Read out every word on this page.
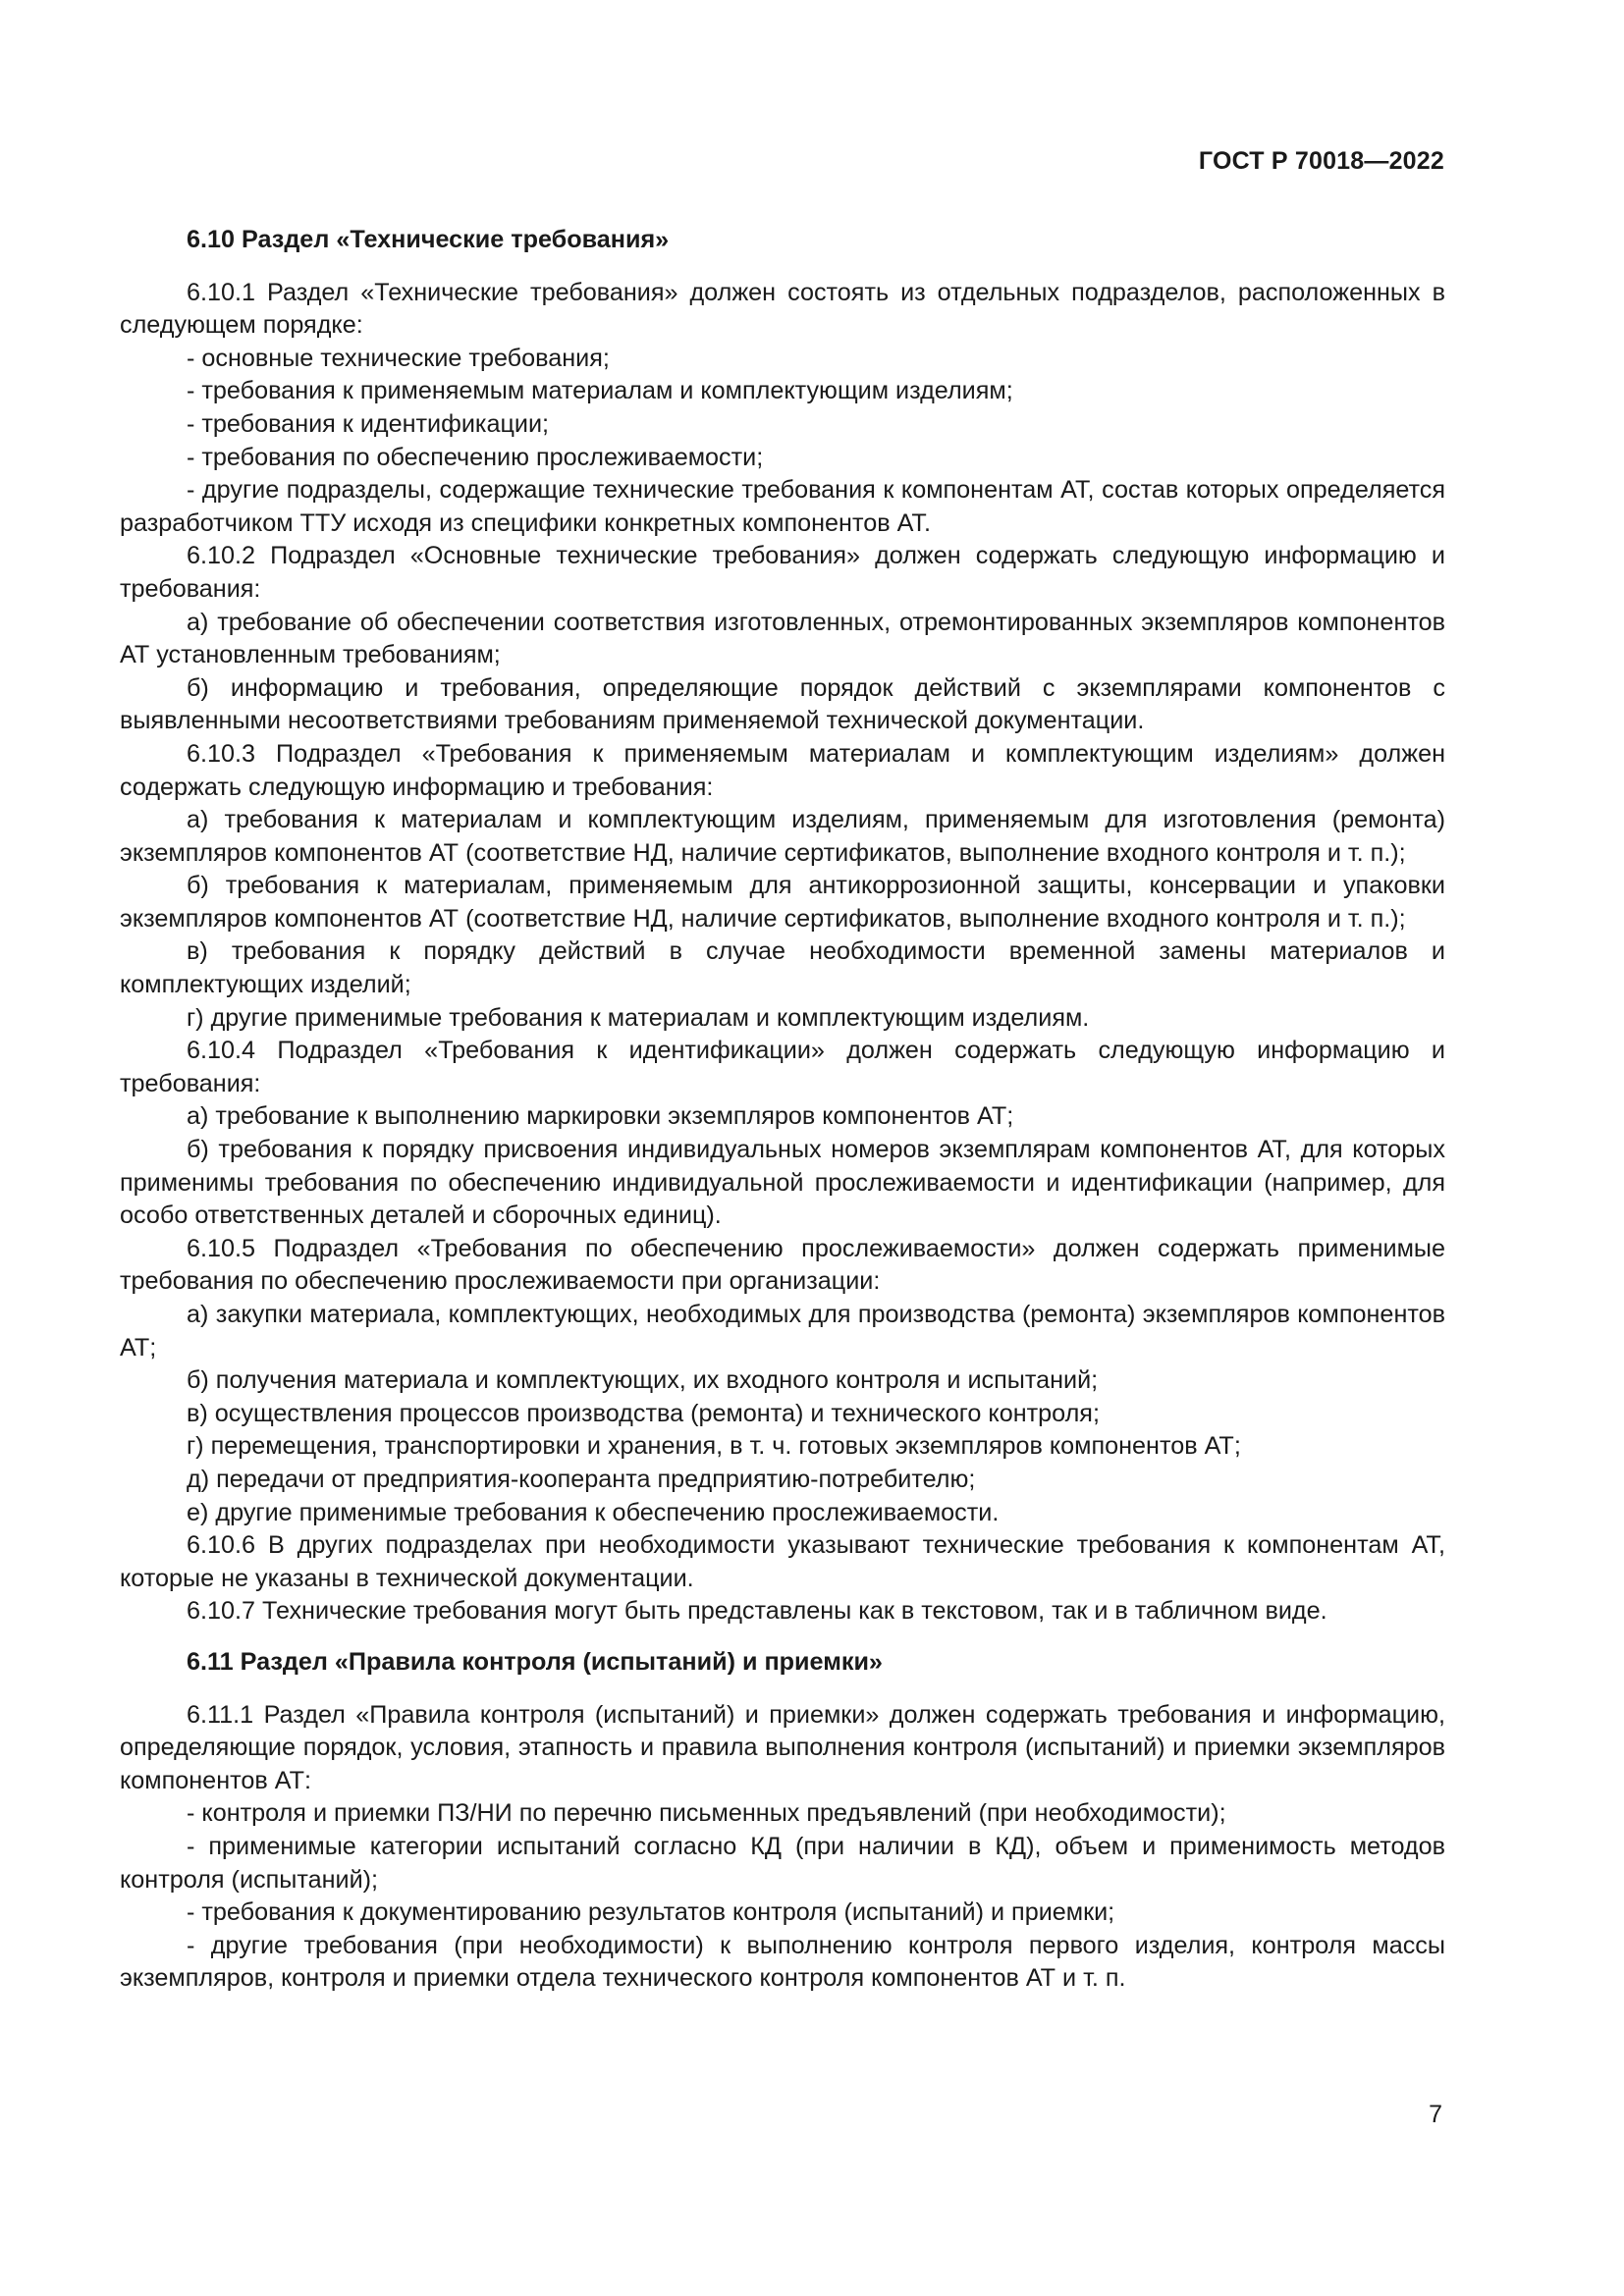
ГОСТ Р 70018—2022
6.10 Раздел «Технические требования»

6.10.1 Раздел «Технические требования» должен состоять из отдельных подразделов, расположенных в следующем порядке:

- основные технические требования;

- требования к применяемым материалам и комплектующим изделиям;

- требования к идентификации;

- требования по обеспечению прослеживаемости;

- другие подразделы, содержащие технические требования к компонентам АТ, состав которых определяется разработчиком ТТУ исходя из специфики конкретных компонентов АТ.

6.10.2 Подраздел «Основные технические требования» должен содержать следующую информацию и требования:

а) требование об обеспечении соответствия изготовленных, отремонтированных экземпляров компонентов АТ установленным требованиям;

б) информацию и требования, определяющие порядок действий с экземплярами компонентов с выявленными несоответствиями требованиям применяемой технической документации.

6.10.3 Подраздел «Требования к применяемым материалам и комплектующим изделиям» должен содержать следующую информацию и требования:

а) требования к материалам и комплектующим изделиям, применяемым для изготовления (ремонта) экземпляров компонентов АТ (соответствие НД, наличие сертификатов, выполнение входного контроля и т. п.);

б) требования к материалам, применяемым для антикоррозионной защиты, консервации и упаковки экземпляров компонентов АТ (соответствие НД, наличие сертификатов, выполнение входного контроля и т. п.);

в) требования к порядку действий в случае необходимости временной замены материалов и комплектующих изделий;

г) другие применимые требования к материалам и комплектующим изделиям.

6.10.4 Подраздел «Требования к идентификации» должен содержать следующую информацию и требования:

а) требование к выполнению маркировки экземпляров компонентов АТ;

б) требования к порядку присвоения индивидуальных номеров экземплярам компонентов АТ, для которых применимы требования по обеспечению индивидуальной прослеживаемости и идентификации (например, для особо ответственных деталей и сборочных единиц).

6.10.5 Подраздел «Требования по обеспечению прослеживаемости» должен содержать применимые требования по обеспечению прослеживаемости при организации:

а) закупки материала, комплектующих, необходимых для производства (ремонта) экземпляров компонентов АТ;

б) получения материала и комплектующих, их входного контроля и испытаний;

в) осуществления процессов производства (ремонта) и технического контроля;

г) перемещения, транспортировки и хранения, в т. ч. готовых экземпляров компонентов АТ;

д) передачи от предприятия-кооперанта предприятию-потребителю;

е) другие применимые требования к обеспечению прослеживаемости.

6.10.6 В других подразделах при необходимости указывают технические требования к компонентам АТ, которые не указаны в технической документации.

6.10.7 Технические требования могут быть представлены как в текстовом, так и в табличном виде.

6.11 Раздел «Правила контроля (испытаний) и приемки»

6.11.1 Раздел «Правила контроля (испытаний) и приемки» должен содержать требования и информацию, определяющие порядок, условия, этапность и правила выполнения контроля (испытаний) и приемки экземпляров компонентов АТ:

- контроля и приемки ПЗ/НИ по перечню письменных предъявлений (при необходимости);

- применимые категории испытаний согласно КД (при наличии в КД), объем и применимость методов контроля (испытаний);

- требования к документированию результатов контроля (испытаний) и приемки;

- другие требования (при необходимости) к выполнению контроля первого изделия, контроля массы экземпляров, контроля и приемки отдела технического контроля компонентов АТ и т. п.

7
